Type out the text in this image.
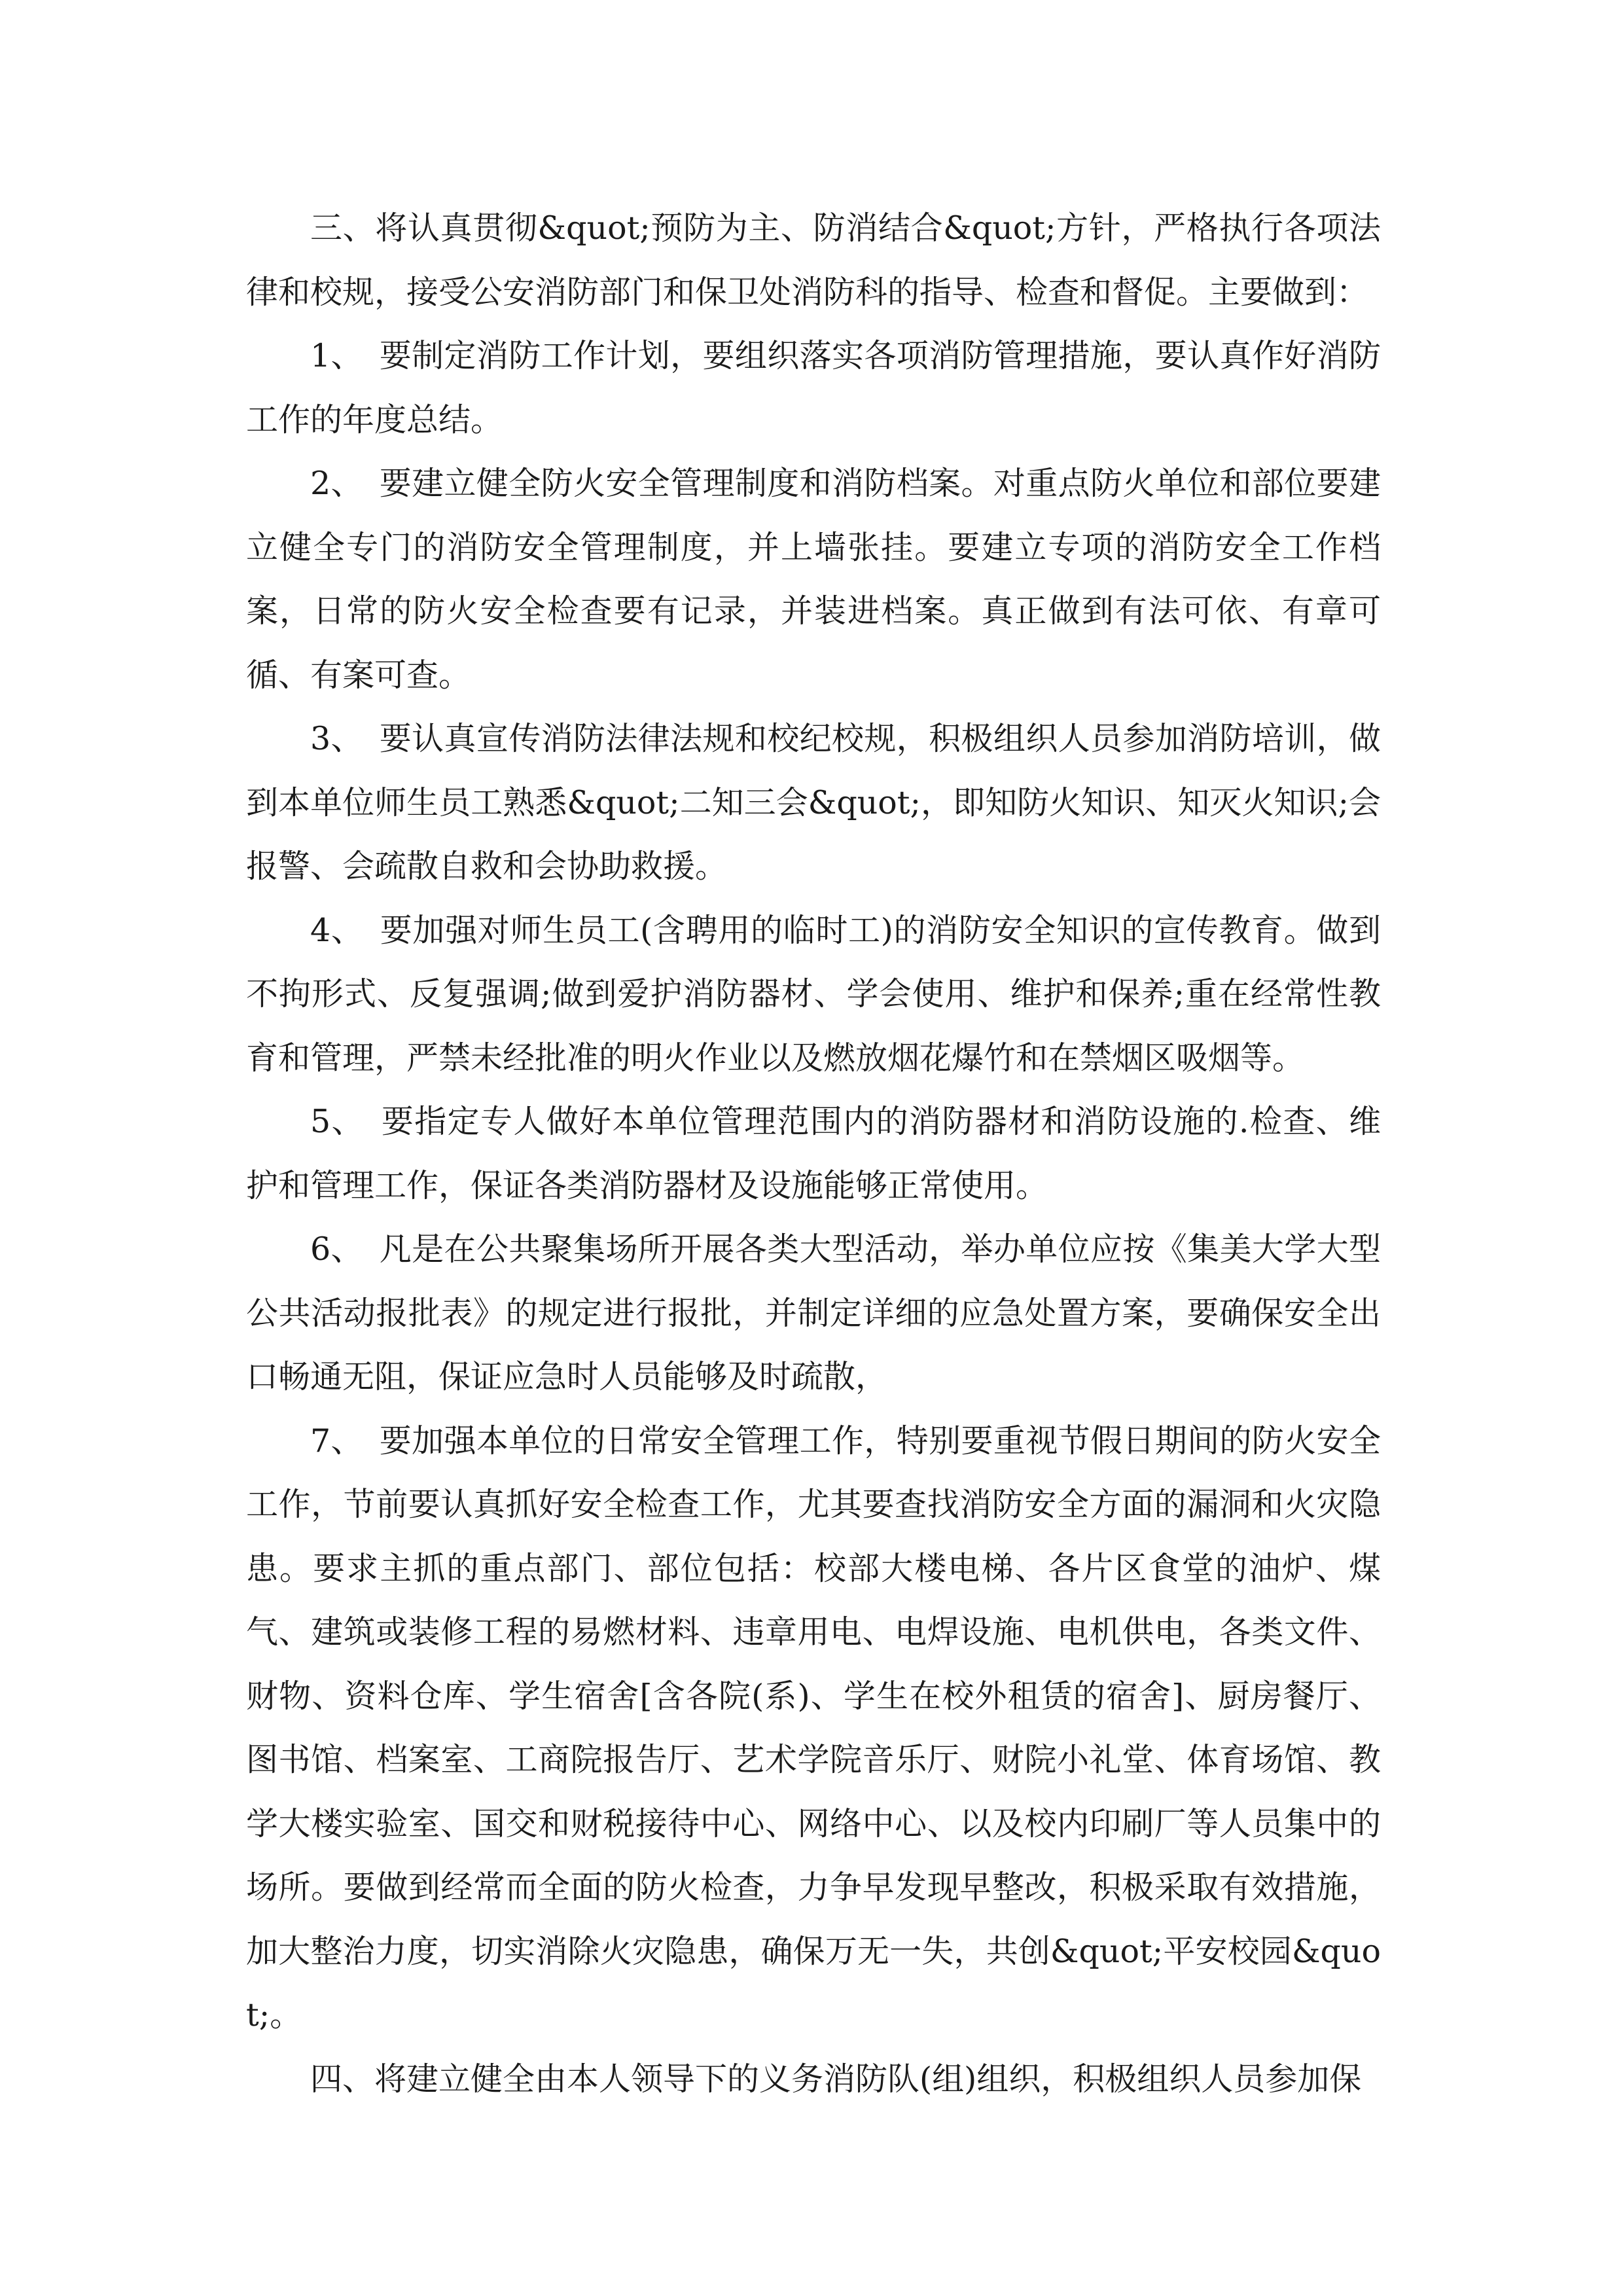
三、将认真贯彻&quot;预防为主、防消结合&quot;方针，严格执行各项法律和校规，接受公安消防部门和保卫处消防科的指导、检查和督促。主要做到：

1、　要制定消防工作计划，要组织落实各项消防管理措施，要认真作好消防工作的年度总结。

2、　要建立健全防火安全管理制度和消防档案。对重点防火单位和部位要建立健全专门的消防安全管理制度，并上墙张挂。要建立专项的消防安全工作档案，日常的防火安全检查要有记录，并装进档案。真正做到有法可依、有章可循、有案可查。

3、　要认真宣传消防法律法规和校纪校规，积极组织人员参加消防培训，做到本单位师生员工熟悉&quot;二知三会&quot;，即知防火知识、知灭火知识;会报警、会疏散自救和会协助救援。

4、　要加强对师生员工(含聘用的临时工)的消防安全知识的宣传教育。做到不拘形式、反复强调;做到爱护消防器材、学会使用、维护和保养;重在经常性教育和管理，严禁未经批准的明火作业以及燃放烟花爆竹和在禁烟区吸烟等。

5、　要指定专人做好本单位管理范围内的消防器材和消防设施的.检查、维护和管理工作，保证各类消防器材及设施能够正常使用。

6、　凡是在公共聚集场所开展各类大型活动，举办单位应按《集美大学大型公共活动报批表》的规定进行报批，并制定详细的应急处置方案，要确保安全出口畅通无阻，保证应急时人员能够及时疏散，

7、　要加强本单位的日常安全管理工作，特别要重视节假日期间的防火安全工作，节前要认真抓好安全检查工作，尤其要查找消防安全方面的漏洞和火灾隐患。要求主抓的重点部门、部位包括：校部大楼电梯、各片区食堂的油炉、煤气、建筑或装修工程的易燃材料、违章用电、电焊设施、电机供电，各类文件、财物、资料仓库、学生宿舍[含各院(系)、学生在校外租赁的宿舍]、厨房餐厅、图书馆、档案室、工商院报告厅、艺术学院音乐厅、财院小礼堂、体育场馆、教学大楼实验室、国交和财税接待中心、网络中心、以及校内印刷厂等人员集中的场所。要做到经常而全面的防火检查，力争早发现早整改，积极采取有效措施，加大整治力度，切实消除火灾隐患，确保万无一失，共创&quot;平安校园&quot;。

四、将建立健全由本人领导下的义务消防队(组)组织，积极组织人员参加保
